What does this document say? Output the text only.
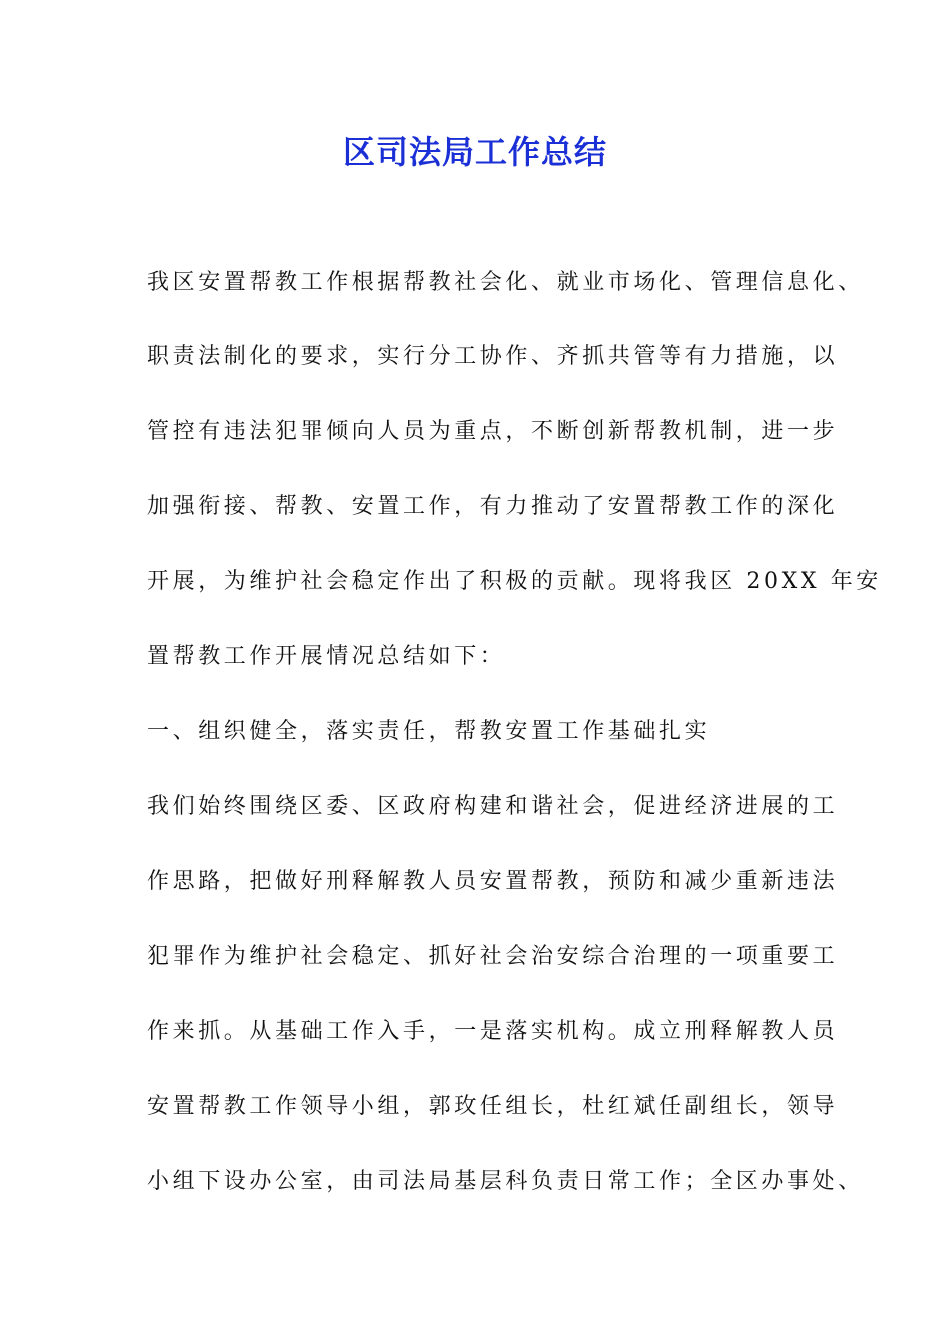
区司法局工作总结
我区安置帮教工作根据帮教社会化、就业市场化、管理信息化、
职责法制化的要求，实行分工协作、齐抓共管等有力措施，以
管控有违法犯罪倾向人员为重点，不断创新帮教机制，进一步
加强衔接、帮教、安置工作，有力推动了安置帮教工作的深化
开展，为维护社会稳定作出了积极的贡献。现将我区 20XX 年安
置帮教工作开展情况总结如下：
一、组织健全，落实责任，帮教安置工作基础扎实
我们始终围绕区委、区政府构建和谐社会，促进经济进展的工
作思路，把做好刑释解教人员安置帮教，预防和减少重新违法
犯罪作为维护社会稳定、抓好社会治安综合治理的一项重要工
作来抓。从基础工作入手，一是落实机构。成立刑释解教人员
安置帮教工作领导小组，郭玫任组长，杜红斌任副组长，领导
小组下设办公室，由司法局基层科负责日常工作；全区办事处、
